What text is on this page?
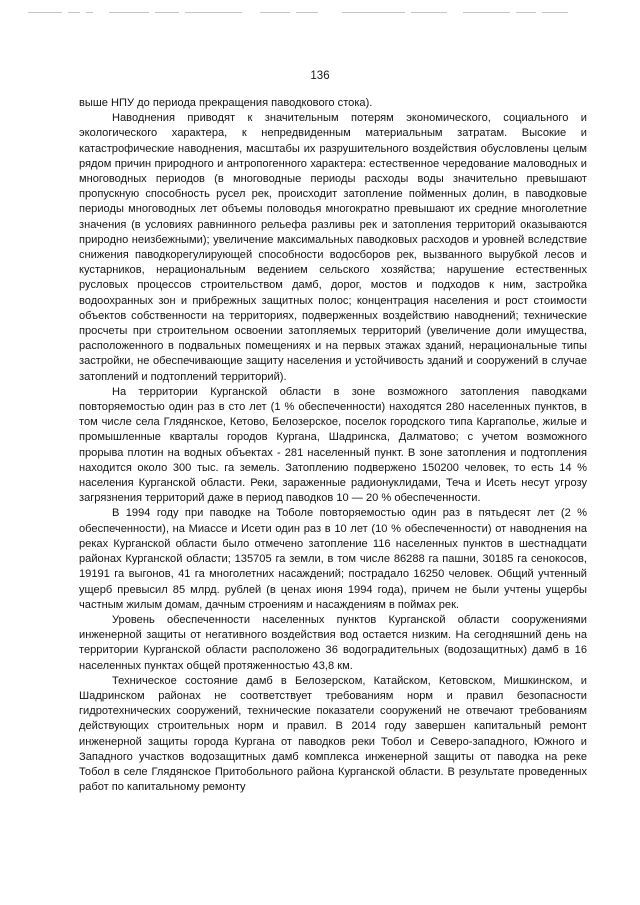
136

выше НПУ до периода прекращения паводкового стока).

Наводнения приводят к значительным потерям экономического, социального и экологического характера, к непредвиденным материальным затратам. Высокие и катастрофические наводнения, масштабы их разрушительного воздействия обусловлены целым рядом причин природного и антропогенного характера: естественное чередование маловодных и многоводных периодов (в многоводные периоды расходы воды значительно превышают пропускную способность русел рек, происходит затопление пойменных долин, в паводковые периоды многоводных лет объемы половодья многократно превышают их средние многолетние значения (в условиях равнинного рельефа разливы рек и затопления территорий оказываются природно неизбежными); увеличение максимальных паводковых расходов и уровней вследствие снижения паводкорегулирующей способности водосборов рек, вызванного вырубкой лесов и кустарников, нерациональным ведением сельского хозяйства; нарушение естественных русловых процессов строительством дамб, дорог, мостов и подходов к ним, застройка водоохранных зон и прибрежных защитных полос; концентрация населения и рост стоимости объектов собственности на территориях, подверженных воздействию наводнений; технические просчеты при строительном освоении затопляемых территорий (увеличение доли имущества, расположенного в подвальных помещениях и на первых этажах зданий, нерациональные типы застройки, не обеспечивающие защиту населения и устойчивость зданий и сооружений в случае затоплений и подтоплений территорий).

На территории Курганской области в зоне возможного затопления паводками повторяемостью один раз в сто лет (1 % обеспеченности) находятся 280 населенных пунктов, в том числе села Глядянское, Кетово, Белозерское, поселок городского типа Каргаполье, жилые и промышленные кварталы городов Кургана, Шадринска, Далматово; с учетом возможного прорыва плотин на водных объектах - 281 населенный пункт. В зоне затопления и подтопления находится около 300 тыс. га земель. Затоплению подвержено 150200 человек, то есть 14 % населения Курганской области. Реки, зараженные радионуклидами, Теча и Исеть несут угрозу загрязнения территорий даже в период паводков 10 — 20 % обеспеченности.

В 1994 году при паводке на Тоболе повторяемостью один раз в пятьдесят лет (2 % обеспеченности), на Миассе и Исети один раз в 10 лет (10 % обеспеченности) от наводнения на реках Курганской области было отмечено затопление 116 населенных пунктов в шестнадцати районах Курганской области; 135705 га земли, в том числе 86288 га пашни, 30185 га сенокосов, 19191 га выгонов, 41 га многолетних насаждений; пострадало 16250 человек. Общий учтенный ущерб превысил 85 млрд. рублей (в ценах июня 1994 года), причем не были учтены ущербы частным жилым домам, дачным строениям и насаждениям в поймах рек.

Уровень обеспеченности населенных пунктов Курганской области сооружениями инженерной защиты от негативного воздействия вод остается низким. На сегодняшний день на территории Курганской области расположено 36 водоградительных (водозащитных) дамб в 16 населенных пунктах общей протяженностью 43,8 км.

Техническое состояние дамб в Белозерском, Катайском, Кетовском, Мишкинском, и Шадринском районах не соответствует требованиям норм и правил безопасности гидротехнических сооружений, технические показатели сооружений не отвечают требованиям действующих строительных норм и правил. В 2014 году завершен капитальный ремонт инженерной защиты города Кургана от паводков реки Тобол и Северо-западного, Южного и Западного участков водозащитных дамб комплекса инженерной защиты от паводка на реке Тобол в селе Глядянское Притобольного района Курганской области. В результате проведенных работ по капитальному ремонту
